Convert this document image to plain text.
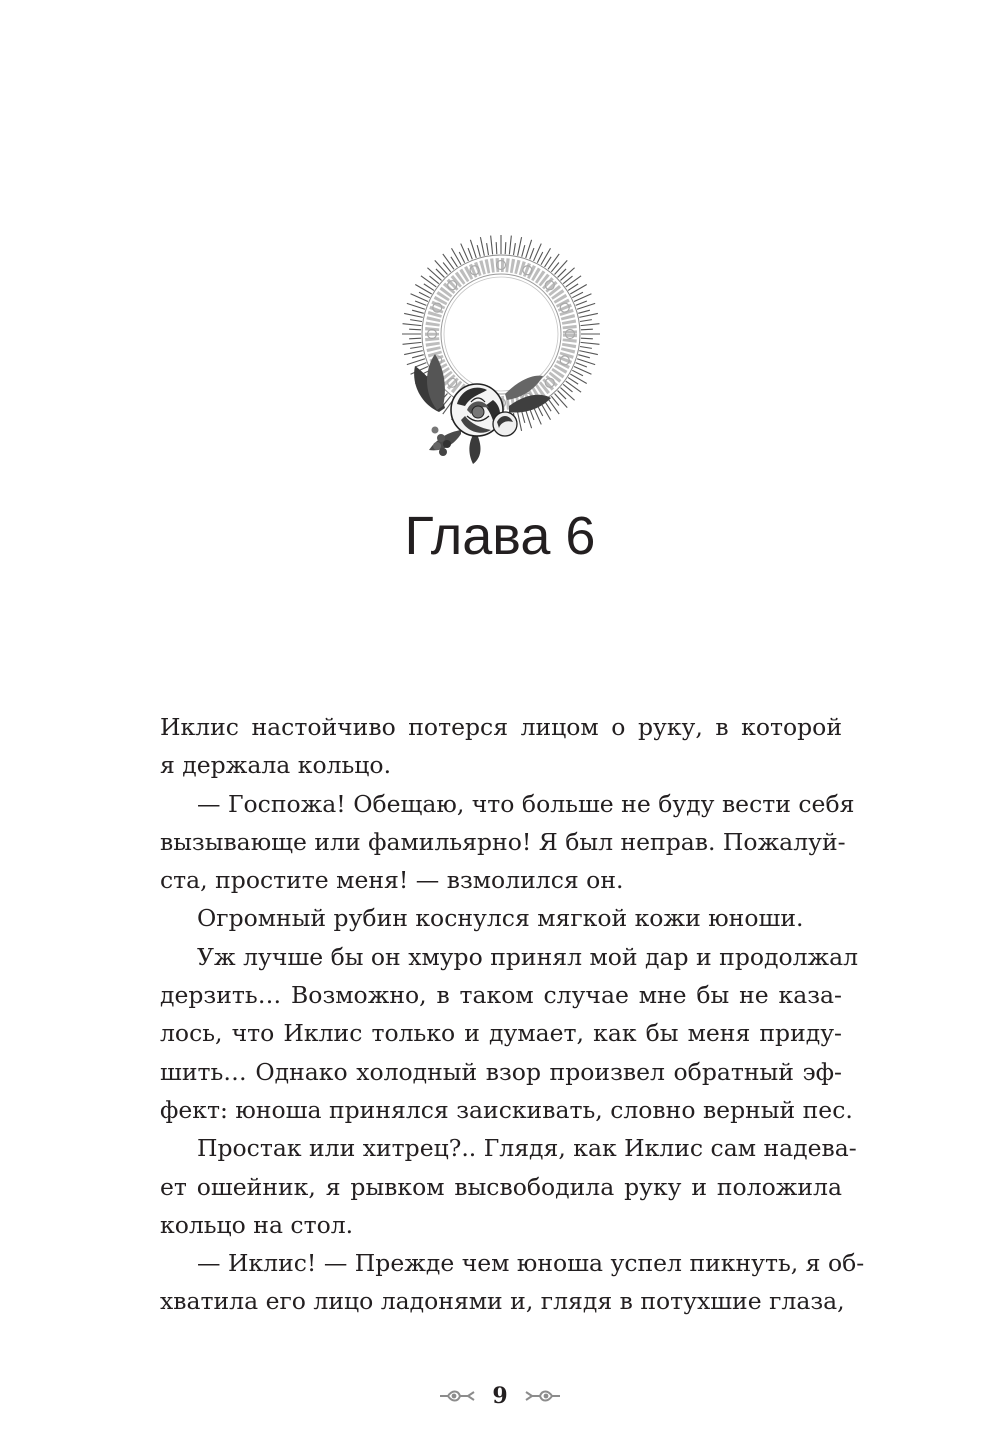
Глава 6
Иклис настойчиво потерся лицом о руку, в которой
я держала кольцо.
— Госпожа! Обещаю, что больше не буду вести себя
вызывающе или фамильярно! Я был неправ. Пожалуй-
ста, простите меня! — взмолился он.
Огромный рубин коснулся мягкой кожи юноши.
Уж лучше бы он хмуро принял мой дар и продолжал
дерзить… Возможно, в таком случае мне бы не каза-
лось, что Иклис только и думает, как бы меня приду-
шить… Однако холодный взор произвел обратный эф-
фект: юноша принялся заискивать, словно верный пес.
Простак или хитрец?.. Глядя, как Иклис сам надева-
ет ошейник, я рывком высвободила руку и положила
кольцо на стол.
— Иклис! — Прежде чем юноша успел пикнуть, я об-
хватила его лицо ладонями и, глядя в потухшие глаза,
9
